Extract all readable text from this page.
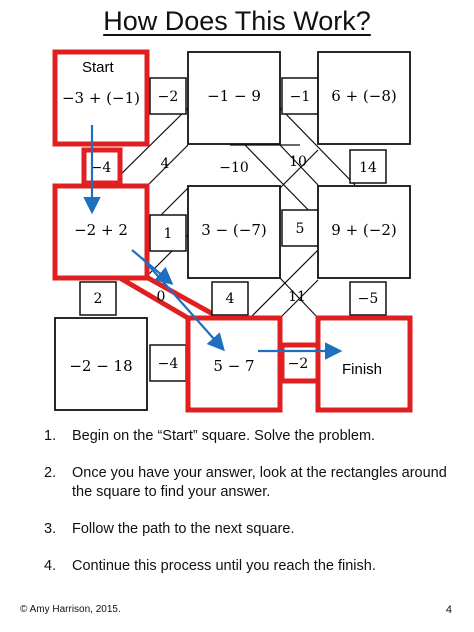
How Does This Work?
Start
−3 + (−1)	−1 − 9	6 + (−8)
−2 + 2	3 − (−7)	9 + (−2)
−2 − 18	5 − 7	Finish
−2	−1
−4	4	−10	10	14
1	5
2	0	4	11	−5
−4	−2
1.	Begin on the “Start” square. Solve the problem.
2.	Once you have your answer, look at the rectangles around the square to find your answer.
3.	Follow the path to the next square.
4.	Continue this process until you reach the finish.
© Amy Harrison, 2015.	4
